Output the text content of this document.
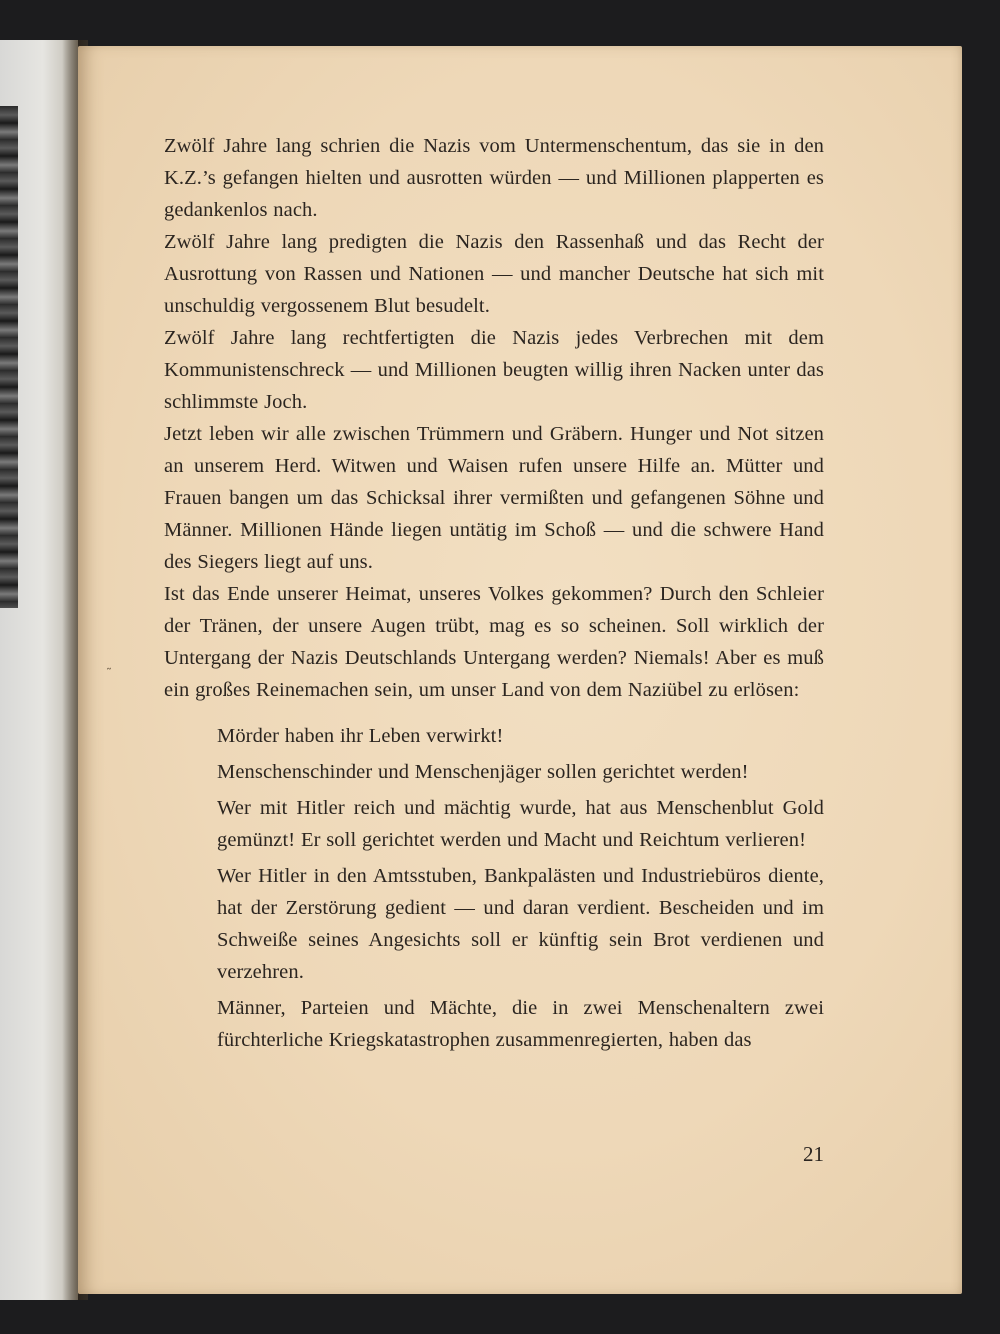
˷

Zwölf Jahre lang schrien die Nazis vom Untermenschentum, das sie in den K.Z.’s gefangen hielten und ausrotten würden — und Millionen plapperten es gedankenlos nach.

Zwölf Jahre lang predigten die Nazis den Rassenhaß und das Recht der Ausrottung von Rassen und Nationen — und mancher Deutsche hat sich mit unschuldig vergossenem Blut besudelt.

Zwölf Jahre lang rechtfertigten die Nazis jedes Verbrechen mit dem Kommunistenschreck — und Millionen beugten willig ihren Nacken unter das schlimmste Joch.

Jetzt leben wir alle zwischen Trümmern und Gräbern. Hunger und Not sitzen an unserem Herd. Witwen und Waisen rufen unsere Hilfe an. Mütter und Frauen bangen um das Schicksal ihrer vermißten und gefangenen Söhne und Männer. Millionen Hände liegen untätig im Schoß — und die schwere Hand des Siegers liegt auf uns.

Ist das Ende unserer Heimat, unseres Volkes gekommen? Durch den Schleier der Tränen, der unsere Augen trübt, mag es so scheinen. Soll wirklich der Untergang der Nazis Deutschlands Untergang werden? Niemals! Aber es muß ein großes Reinemachen sein, um unser Land von dem Naziübel zu erlösen:

Mörder haben ihr Leben verwirkt!
Menschenschinder und Menschenjäger sollen gerichtet werden!
Wer mit Hitler reich und mächtig wurde, hat aus Menschenblut Gold gemünzt! Er soll gerichtet werden und Macht und Reichtum verlieren!
Wer Hitler in den Amtsstuben, Bankpalästen und Industriebüros diente, hat der Zerstörung gedient — und daran verdient. Bescheiden und im Schweiße seines Angesichts soll er künftig sein Brot verdienen und verzehren.
Männer, Parteien und Mächte, die in zwei Menschenaltern zwei fürchterliche Kriegskatastrophen zusammenregierten, haben das
21
